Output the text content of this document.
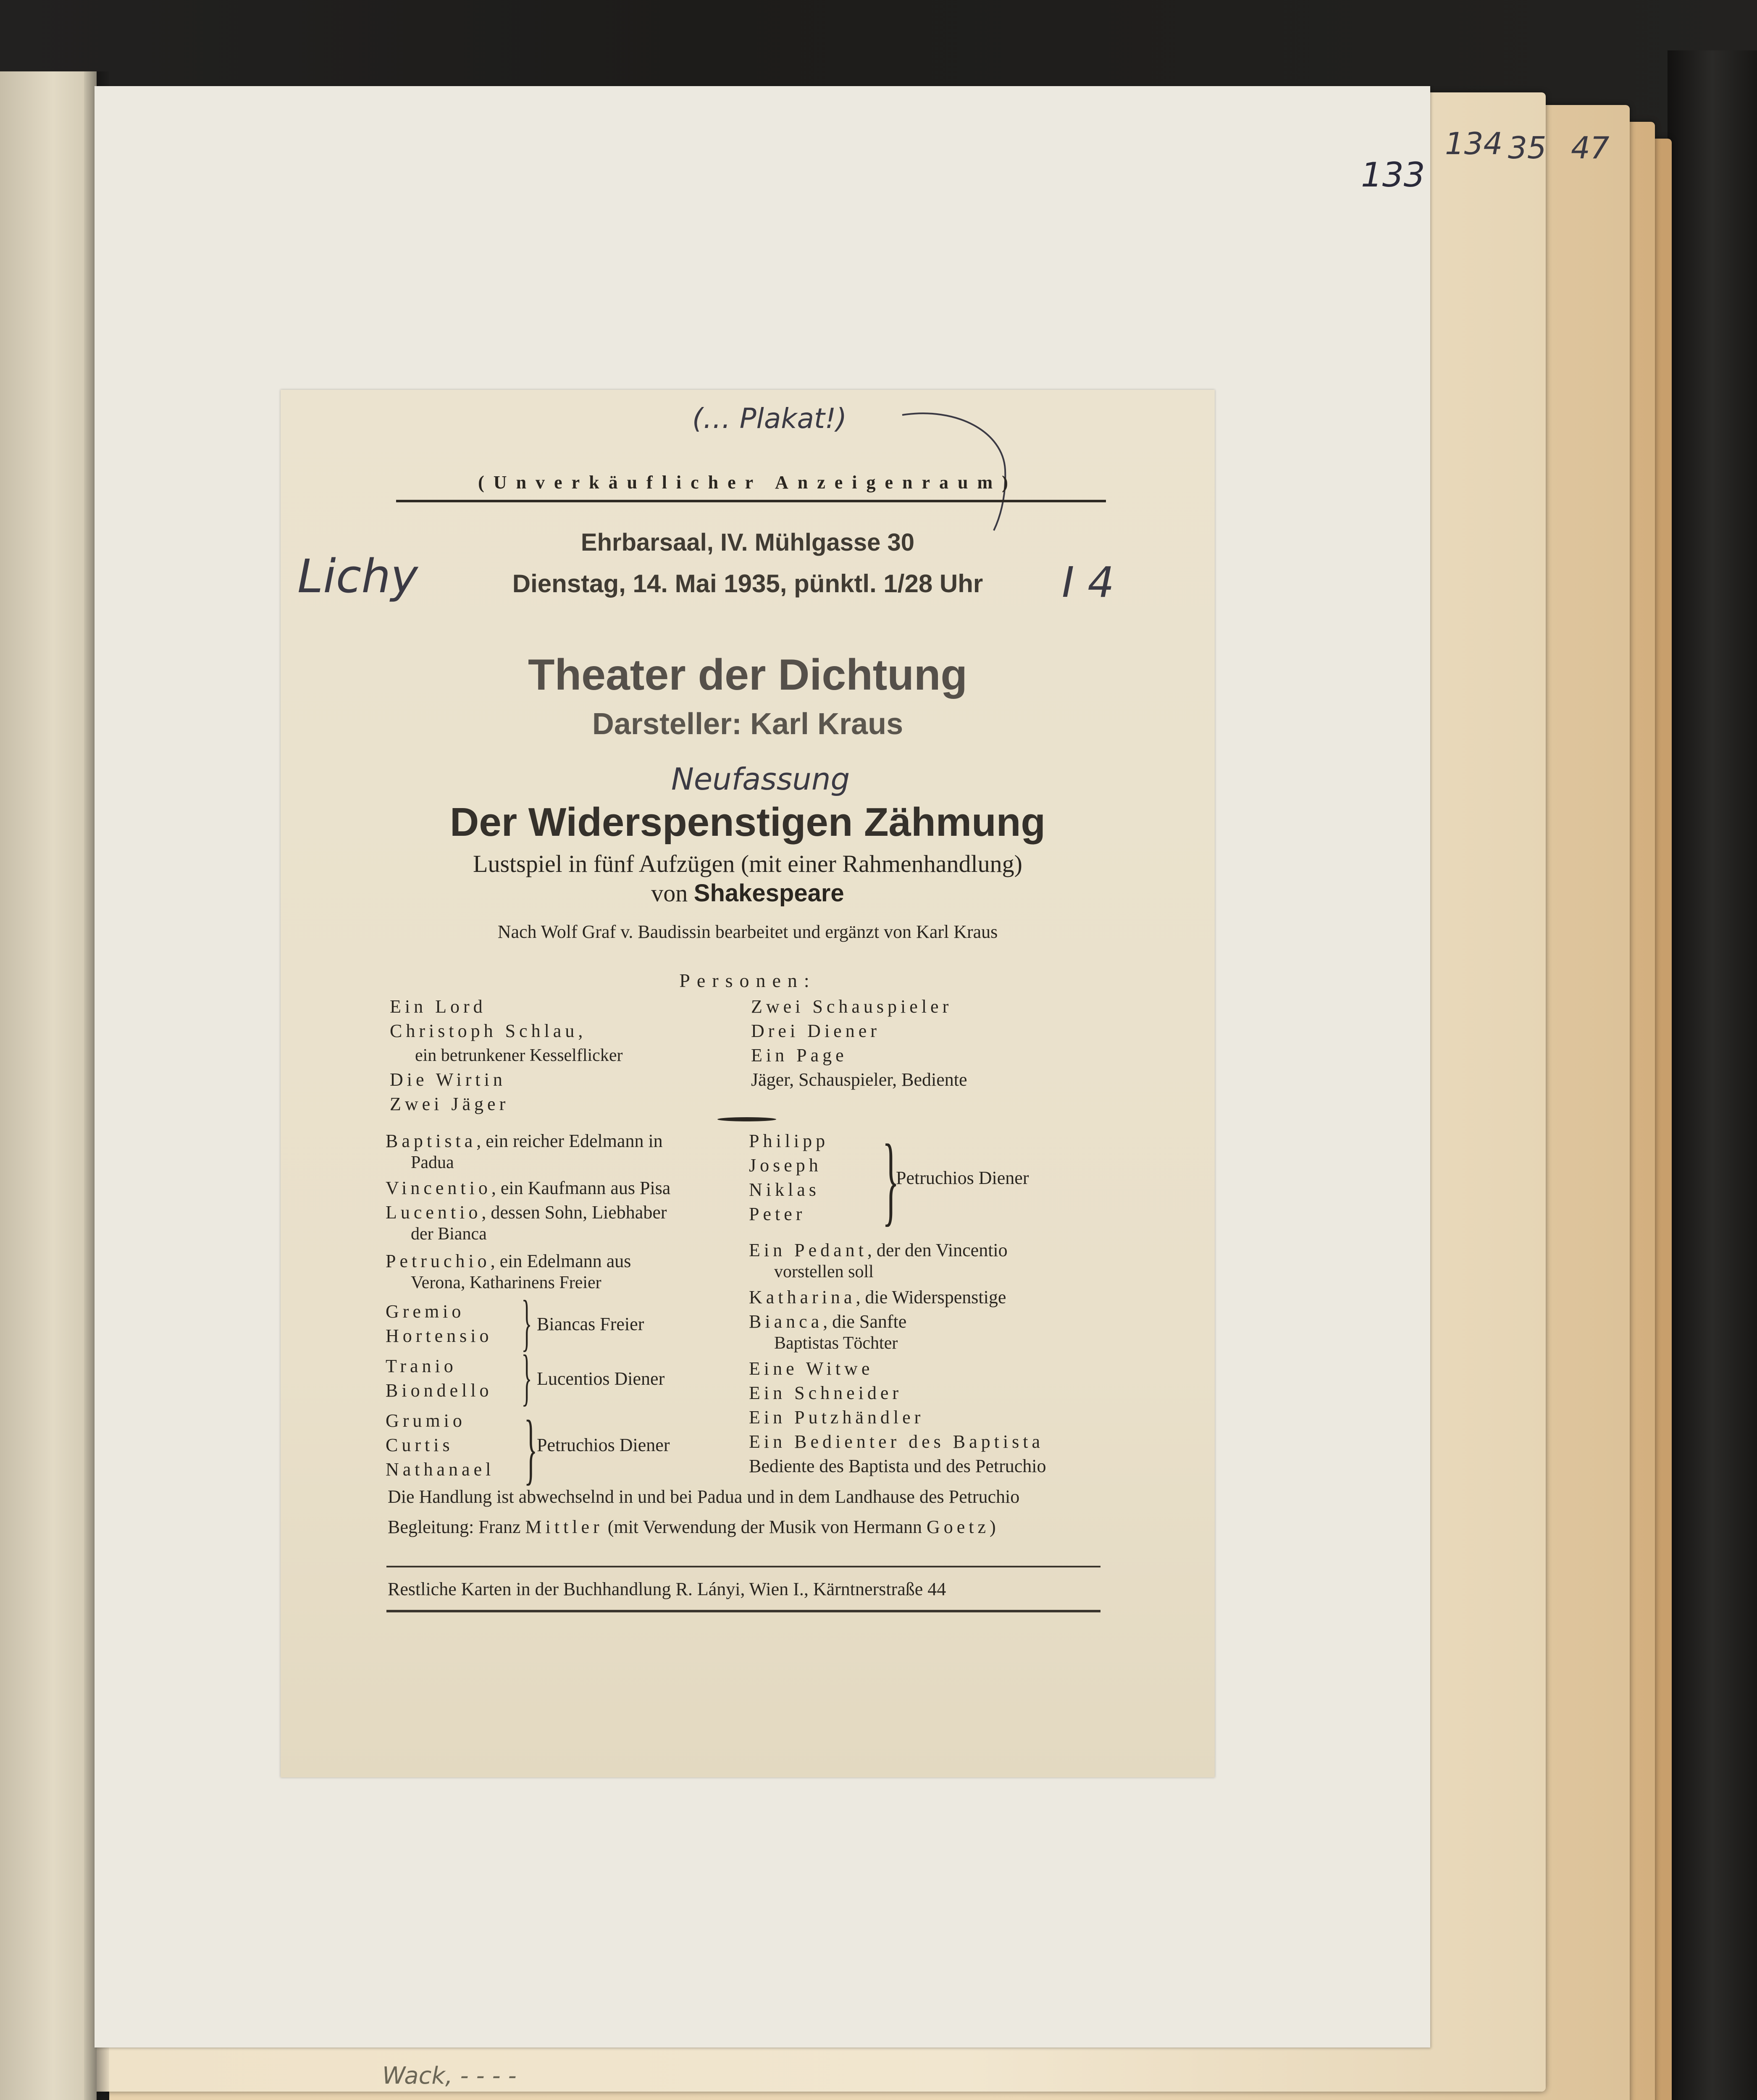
133
134 35 47
Wack, - - - -
(… Plakat!)
(Unverkäuflicher Anzeigenraum)
Ehrbarsaal, IV. Mühlgasse 30
Dienstag, 14. Mai 1935, pünktl. 1/28 Uhr
Lichy	I 4
Theater der Dichtung
Darsteller: Karl Kraus
Neufassung
Der Widerspenstigen Zähmung
Lustspiel in fünf Aufzügen (mit einer Rahmenhandlung)
von Shakespeare
Nach Wolf Graf v. Baudissin bearbeitet und ergänzt von Karl Kraus
Personen:
Ein Lord
Christoph Schlau,
ein betrunkener Kesselflicker
Die Wirtin
Zwei Jäger
Zwei Schauspieler
Drei Diener
Ein Page
Jäger, Schauspieler, Bediente
Baptista, ein reicher Edelmann in
Padua
Vincentio, ein Kaufmann aus Pisa
Lucentio, dessen Sohn, Liebhaber
der Bianca
Petruchio, ein Edelmann aus
Verona, Katharinens Freier
Gremio
Hortensio } Biancas Freier
Tranio
Biondello } Lucentios Diener
Grumio
Curtis
Nathanael }
Petruchios Diener
Philipp
Joseph
Niklas
Peter }
Petruchios Diener
Ein Pedant, der den Vincentio
vorstellen soll
Katharina, die Widerspenstige
Bianca, die Sanfte
Baptistas Töchter
Eine Witwe
Ein Schneider
Ein Putzhändler
Ein Bedienter des Baptista
Bediente des Baptista und des Petruchio
Die Handlung ist abwechselnd in und bei Padua und in dem Landhause des Petruchio
Begleitung: Franz Mittler (mit Verwendung der Musik von Hermann Goetz)
Restliche Karten in der Buchhandlung R. Lányi, Wien I., Kärntnerstraße 44
